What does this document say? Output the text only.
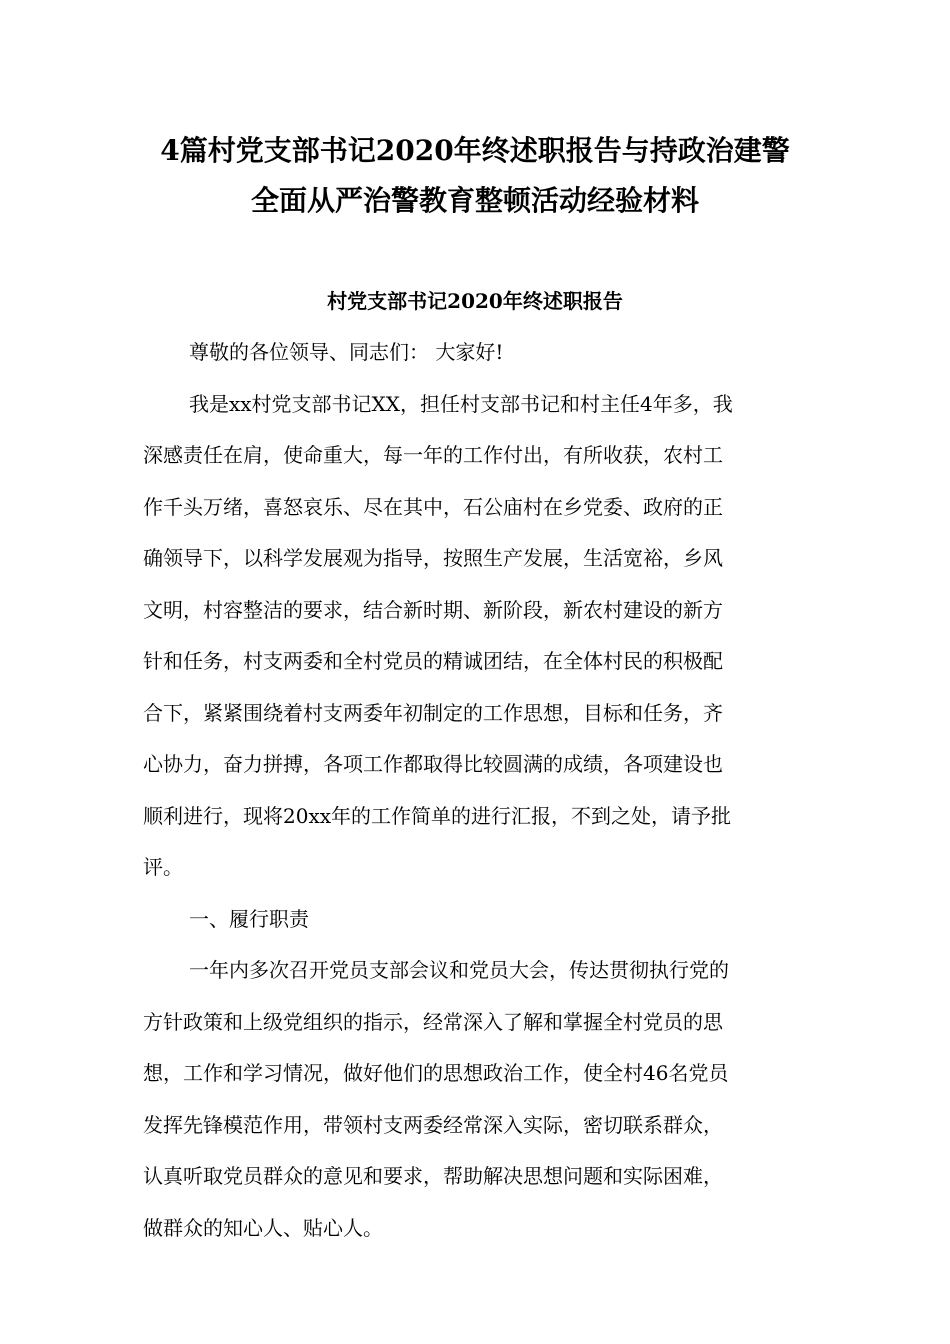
4篇村党支部书记2020年终述职报告与持政治建警
全面从严治警教育整顿活动经验材料
村党支部书记2020年终述职报告
尊敬的各位领导、同志们： 大家好!
我是xx村党支部书记XX，担任村支部书记和村主任4年多，我
深感责任在肩，使命重大，每一年的工作付出，有所收获，农村工
作千头万绪，喜怒哀乐、尽在其中，石公庙村在乡党委、政府的正
确领导下，以科学发展观为指导，按照生产发展，生活宽裕，乡风
文明，村容整洁的要求，结合新时期、新阶段，新农村建设的新方
针和任务，村支两委和全村党员的精诚团结，在全体村民的积极配
合下，紧紧围绕着村支两委年初制定的工作思想，目标和任务，齐
心协力，奋力拼搏，各项工作都取得比较圆满的成绩，各项建设也
顺利进行，现将20xx年的工作简单的进行汇报，不到之处，请予批
评。
一、履行职责
一年内多次召开党员支部会议和党员大会，传达贯彻执行党的
方针政策和上级党组织的指示，经常深入了解和掌握全村党员的思
想，工作和学习情况，做好他们的思想政治工作，使全村46名党员
发挥先锋模范作用，带领村支两委经常深入实际，密切联系群众，
认真听取党员群众的意见和要求，帮助解决思想问题和实际困难，
做群众的知心人、贴心人。
